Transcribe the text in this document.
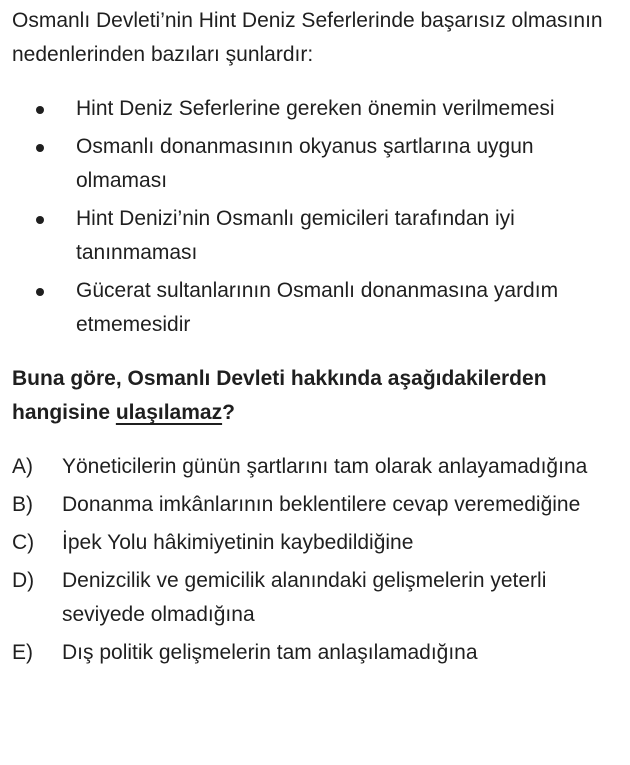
Osmanlı Devleti’nin Hint Deniz Seferlerinde başarısız olmasının nedenlerinden bazıları şunlardır:

Hint Deniz Seferlerine gereken önemin verilmemesi
Osmanlı donanmasının okyanus şartlarına uygun olmaması
Hint Denizi’nin Osmanlı gemicileri tarafından iyi tanınmaması
Gücerat sultanlarının Osmanlı donanmasına yardım etmemesidir

Buna göre, Osmanlı Devleti hakkında aşağıdakilerden hangisine ulaşılamaz?

A) Yöneticilerin günün şartlarını tam olarak anlayamadığına
B) Donanma imkânlarının beklentilere cevap veremediğine
C) İpek Yolu hâkimiyetinin kaybedildiğine
D) Denizcilik ve gemicilik alanındaki gelişmelerin yeterli seviyede olmadığına
E) Dış politik gelişmelerin tam anlaşılamadığına
